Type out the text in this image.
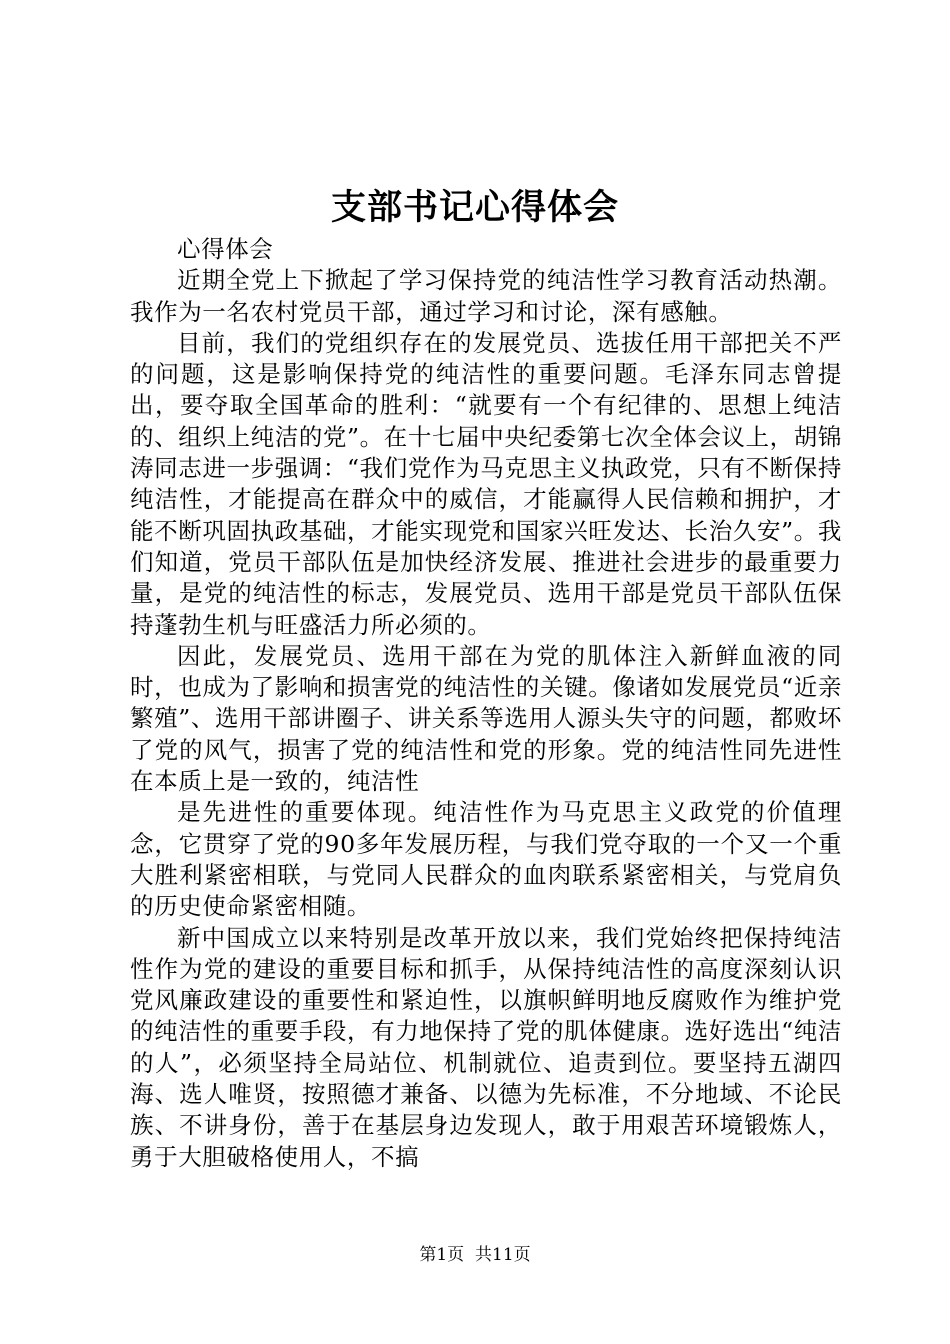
支部书记心得体会

心得体会

近期全党上下掀起了学习保持党的纯洁性学习教育活动热潮。我作为一名农村党员干部，通过学习和讨论，深有感触。

目前，我们的党组织存在的发展党员、选拔任用干部把关不严的问题，这是影响保持党的纯洁性的重要问题。毛泽东同志曾提出，要夺取全国革命的胜利：“就要有一个有纪律的、思想上纯洁的、组织上纯洁的党”。在十七届中央纪委第七次全体会议上，胡锦涛同志进一步强调：“我们党作为马克思主义执政党，只有不断保持纯洁性，才能提高在群众中的威信，才能赢得人民信赖和拥护，才能不断巩固执政基础，才能实现党和国家兴旺发达、长治久安”。我们知道，党员干部队伍是加快经济发展、推进社会进步的最重要力量，是党的纯洁性的标志，发展党员、选用干部是党员干部队伍保持蓬勃生机与旺盛活力所必须的。

因此，发展党员、选用干部在为党的肌体注入新鲜血液的同时，也成为了影响和损害党的纯洁性的关键。像诸如发展党员“近亲繁殖”、选用干部讲圈子、讲关系等选用人源头失守的问题，都败坏了党的风气，损害了党的纯洁性和党的形象。党的纯洁性同先进性在本质上是一致的，纯洁性

是先进性的重要体现。纯洁性作为马克思主义政党的价值理念，它贯穿了党的90多年发展历程，与我们党夺取的一个又一个重大胜利紧密相联，与党同人民群众的血肉联系紧密相关，与党肩负的历史使命紧密相随。

新中国成立以来特别是改革开放以来，我们党始终把保持纯洁性作为党的建设的重要目标和抓手，从保持纯洁性的高度深刻认识党风廉政建设的重要性和紧迫性，以旗帜鲜明地反腐败作为维护党的纯洁性的重要手段，有力地保持了党的肌体健康。选好选出“纯洁的人”，必须坚持全局站位、机制就位、追责到位。要坚持五湖四海、选人唯贤，按照德才兼备、以德为先标准，不分地域、不论民族、不讲身份，善于在基层身边发现人，敢于用艰苦环境锻炼人，勇于大胆破格使用人，不搞

第1页 共11页
